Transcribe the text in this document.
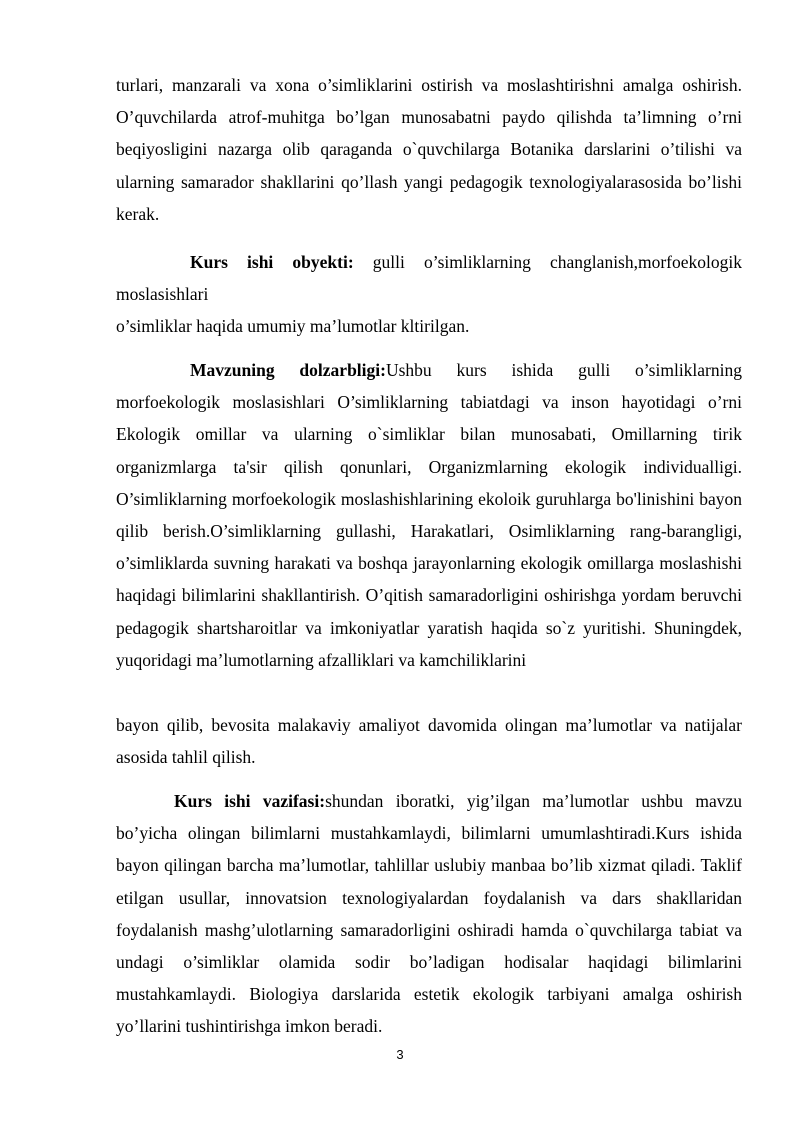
turlari, manzarali va xona o’simliklarini ostirish va moslashtirishni amalga oshirish. O’quvchilarda atrof-muhitga bo’lgan munosabatni paydo qilishda ta’limning o’rni beqiyosligini nazarga olib qaraganda o`quvchilarga Botanika darslarini o’tilishi va ularning samarador shakllarini qo’llash yangi pedagogik texnologiyalarasosida bo’lishi kerak.
Kurs ishi obyekti: gulli o’simliklarning changlanish,morfoekologik moslasishlari
o’simliklar haqida umumiy ma’lumotlar kltirilgan.
Mavzuning dolzarbligi:Ushbu kurs ishida gulli o’simliklarning morfoekologik moslasishlari O’simliklarning tabiatdagi va inson hayotidagi o’rni Ekologik omillar va ularning o`simliklar bilan munosabati, Omillarning tirik organizmlarga ta'sir qilish qonunlari, Organizmlarning ekologik individualligi. O’simliklarning morfoekologik moslashishlarining ekoloik guruhlarga bo'linishini bayon qilib berish.O’simliklarning gullashi, Harakatlari, Osimliklarning rang-barangligi, o’simliklarda suvning harakati va boshqa jarayonlarning ekologik omillarga moslashishi haqidagi bilimlarini shakllantirish. O’qitish samaradorligini oshirishga yordam beruvchi pedagogik shartsharoitlar va imkoniyatlar yaratish haqida so`z yuritishi. Shuningdek, yuqoridagi ma’lumotlarning afzalliklari va kamchiliklarini
bayon qilib, bevosita malakaviy amaliyot davomida olingan ma’lumotlar va natijalar asosida tahlil qilish.
Kurs ishi vazifasi:shundan iboratki, yig’ilgan ma’lumotlar ushbu mavzu bo’yicha olingan bilimlarni mustahkamlaydi, bilimlarni umumlashtiradi.Kurs ishida bayon qilingan barcha ma’lumotlar, tahlillar uslubiy manbaa bo’lib xizmat qiladi. Taklif etilgan usullar, innovatsion texnologiyalardan foydalanish va dars shakllaridan foydalanish mashg’ulotlarning samaradorligini oshiradi hamda o`quvchilarga tabiat va undagi o’simliklar olamida sodir bo’ladigan hodisalar haqidagi bilimlarini mustahkamlaydi. Biologiya darslarida estetik ekologik tarbiyani amalga oshirish yo’llarini tushintirishga imkon beradi.
3
